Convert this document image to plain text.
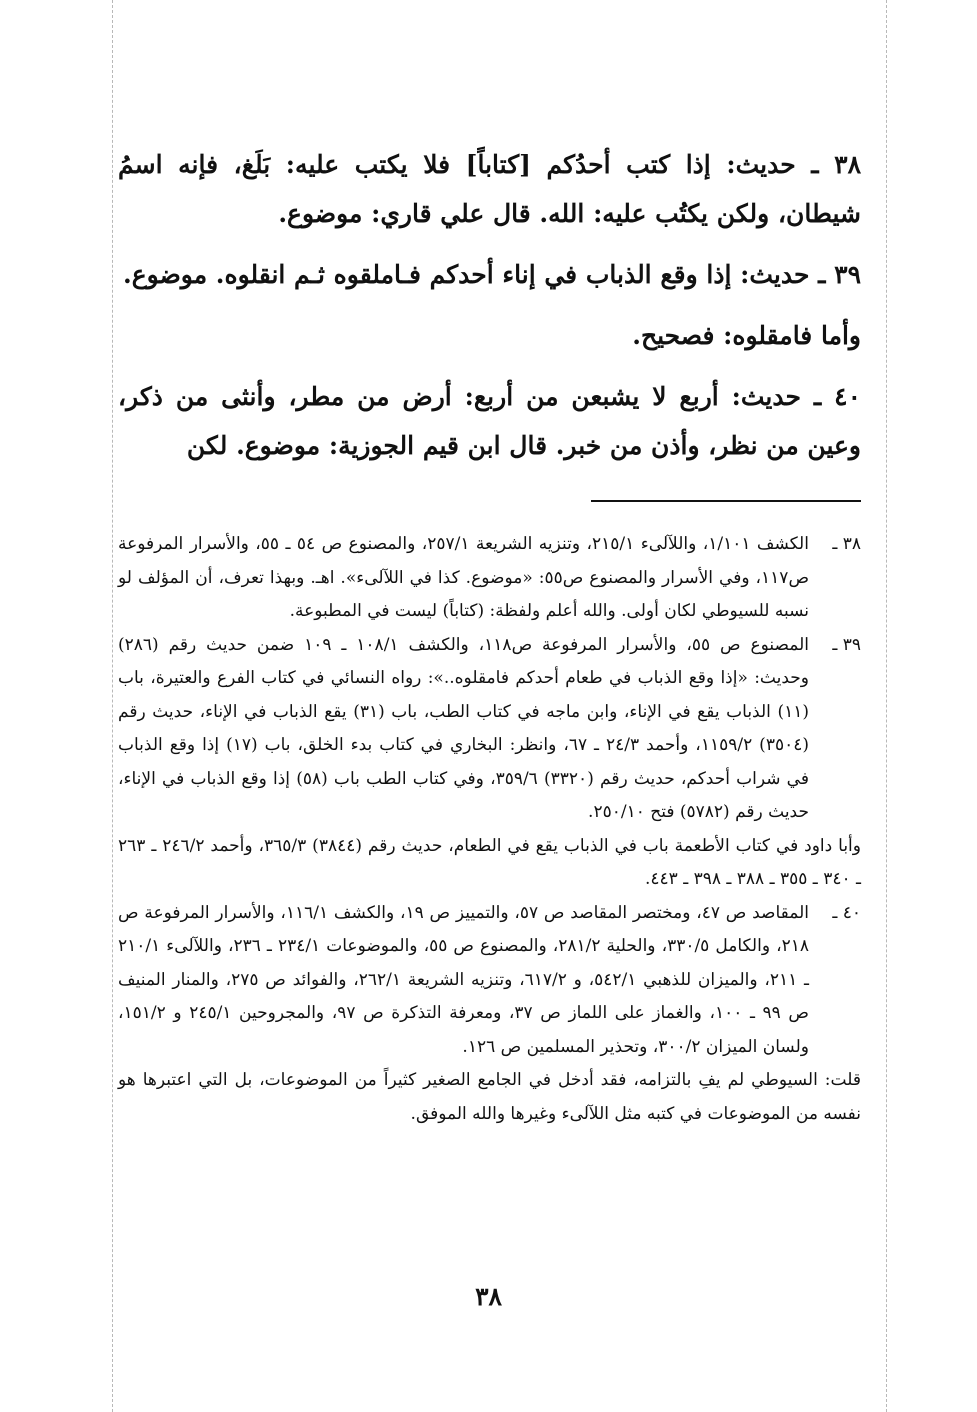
٣٨ ـ حديث: إذا كتب أحدُكم [كتاباً] فلا يكتب عليه: بَلَغ، فإنه اسمُ شيطان، ولكن يكتُب عليه: الله. قال علي قاري: موضوع.

٣٩ ـ حديث: إذا وقع الذباب في إناء أحدكم فـاملقوه ثـم انقلوه. موضوع.

وأما فامقلوه: فصحيح.

٤٠ ـ حديث: أربع لا يشبعن من أربع: أرض من مطر، وأنثى من ذكر، وعين من نظر، وأذن من خبر. قال ابن قيم الجوزية: موضوع. لكن

٣٨ ـ
الكشف ١/١٠١، واللآلىء ٢١٥/١، وتنزيه الشريعة ٢٥٧/١، والمصنوع ص ٥٤ ـ ٥٥، والأسرار المرفوعة ص١١٧، وفي الأسرار والمصنوع ص٥٥: «موضوع. كذا في اللآلىء». اهـ. وبهذا تعرف، أن المؤلف لو نسبه للسيوطي لكان أولى. والله أعلم ولفظة: (كتاباً) ليست في المطبوعة.
٣٩ ـ
المصنوع ص ٥٥، والأسرار المرفوعة ص١١٨، والكشف ١٠٨/١ ـ ١٠٩ ضمن حديث رقم (٢٨٦) وحديث: «إذا وقع الذباب في طعام أحدكم فامقلوه..»: رواه النسائي في كتاب الفرع والعتيرة، باب (١١) الذباب يقع في الإناء، وابن ماجه في كتاب الطب، باب (٣١) يقع الذباب في الإناء، حديث رقم (٣٥٠٤) ١١٥٩/٢، وأحمد ٢٤/٣ ـ ٦٧، وانظر: البخاري في كتاب بدء الخلق، باب (١٧) إذا وقع الذباب في شراب أحدكم، حديث رقم (٣٣٢٠) ٣٥٩/٦، وفي كتاب الطب باب (٥٨) إذا وقع الذباب في الإناء، حديث رقم (٥٧٨٢) فتح ٢٥٠/١٠.

وأبا داود في كتاب الأطعمة باب في الذباب يقع في الطعام، حديث رقم (٣٨٤٤) ٣٦٥/٣، وأحمد ٢٤٦/٢ ـ ٢٦٣ ـ ٣٤٠ ـ ٣٥٥ ـ ٣٨٨ ـ ٣٩٨ ـ ٤٤٣.

٤٠ ـ
المقاصد ص ٤٧، ومختصر المقاصد ص ٥٧، والتمييز ص ١٩، والكشف ١١٦/١، والأسرار المرفوعة ص ٢١٨، والكامل ٣٣٠/٥، والحلية ٢٨١/٢، والمصنوع ص ٥٥، والموضوعات ٢٣٤/١ ـ ٢٣٦، واللآلىء ٢١٠/١ ـ ٢١١، والميزان للذهبي ٥٤٢/١، و ٦١٧/٢، وتنزيه الشريعة ٢٦٢/١، والفوائد ص ٢٧٥، والمنار المنيف ص ٩٩ ـ ١٠٠، والغماز على اللماز ص ٣٧، ومعرفة التذكرة ص ٩٧، والمجروحين ٢٤٥/١ و ١٥١/٢، ولسان الميزان ٣٠٠/٢، وتحذير المسلمين ص ١٢٦.

قلت: السيوطي لم يفِ بالتزامه، فقد أدخل في الجامع الصغير كثيراً من الموضوعات، بل التي اعتبرها هو نفسه من الموضوعات في كتبه مثل اللآلىء وغيرها والله الموفق.

٣٨
